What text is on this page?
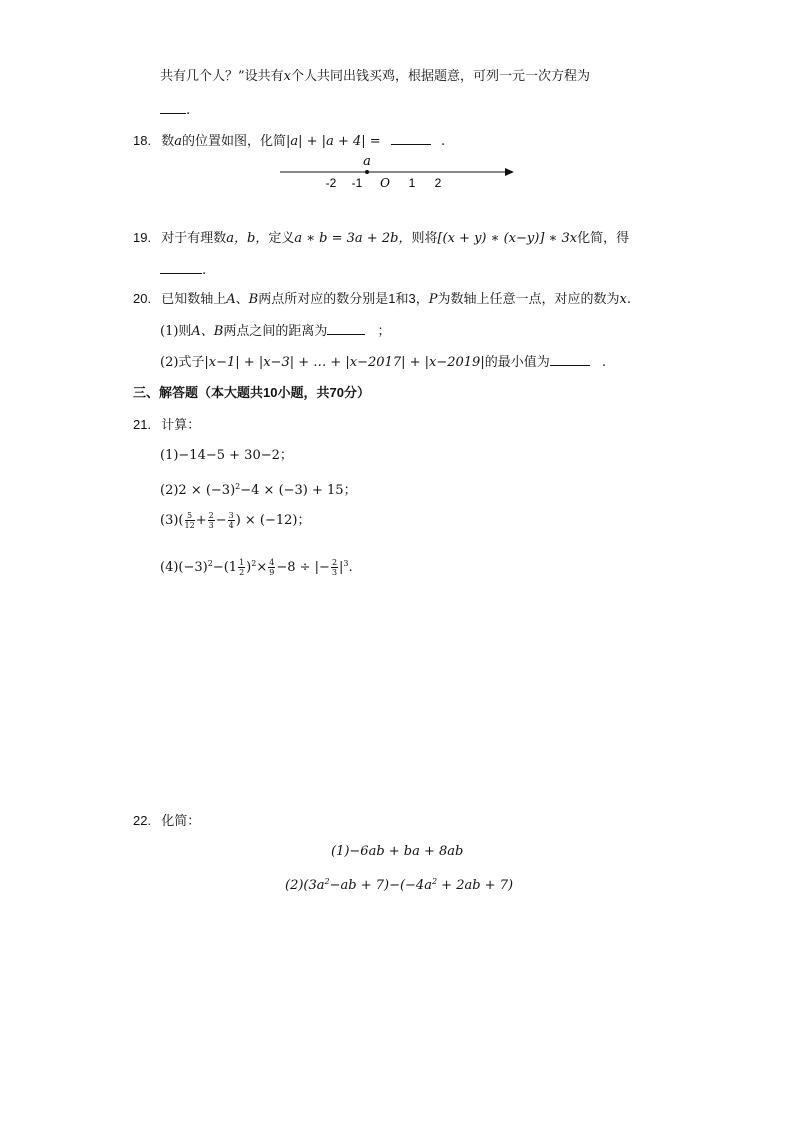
共有几个人？”设共有x个人共同出钱买鸡，根据题意，可列一元一次方程为
.
18. 数a的位置如图，化简|a| + |a + 4| =	.
a
-2 -1 O 1 2
19. 对于有理数a，b，定义a ∗ b = 3a + 2b，则将[(x + y) ∗ (x−y)] ∗ 3x化简，得
.
20. 已知数轴上A、B两点所对应的数分别是1和3，P为数轴上任意一点，对应的数为x.
(1)则A、B两点之间的距离为	；
(2)式子|x−1| + |x−3| + … + |x−2017| + |x−2019|的最小值为	.
三、解答题（本大题共10小题，共70分）
21. 计算：
(1)−14−5 + 30−2；
$(2)2 \times (-3)^2-4 \times (-3) + 15$；
$(3)( \frac{5}{12} + \frac{2}{3} - \frac{3}{4}$ ) × (−12)；
$(4)(-3)^2-(1 \frac{1}{2} )^2\times \frac{4}{9} -8$ ÷ |− $\frac{2}{3} |^3$.
22. 化简：
(1)−6ab + ba + 8ab
$(2)(3a^2-ab + 7)-(-4a^2 + 2ab + 7)$
